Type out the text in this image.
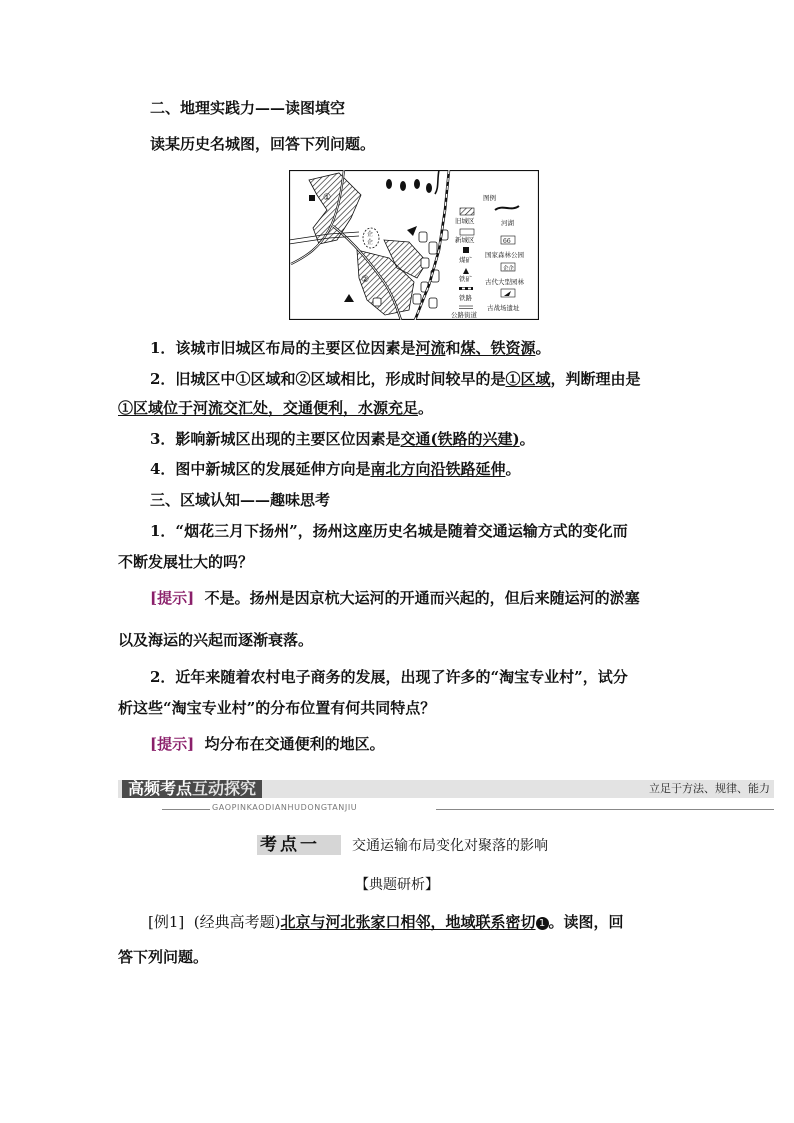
二、地理实践力——读图填空
读某历史名城图，回答下列问题。
企
企
①
②
图例
旧城区	河湖
新城区	66
国家森林公园
煤矿
企企
古代大型园林
铁矿
古战场遗址
铁路
公路街道
1．该城市旧城区布局的主要区位因素是河流和煤、铁资源。
2．旧城区中①区域和②区域相比，形成时间较早的是①区域，判断理由是
①区域位于河流交汇处，交通便利，水源充足。
3．影响新城区出现的主要区位因素是交通(铁路的兴建)。
4．图中新城区的发展延伸方向是南北方向沿铁路延伸。
三、区域认知——趣味思考
1．“烟花三月下扬州”，扬州这座历史名城是随着交通运输方式的变化而
不断发展壮大的吗？
[提示] 不是。扬州是因京杭大运河的开通而兴起的，但后来随运河的淤塞
以及海运的兴起而逐渐衰落。
2．近年来随着农村电子商务的发展，出现了许多的“淘宝专业村”，试分
析这些“淘宝专业村”的分布位置有何共同特点？
[提示] 均分布在交通便利的地区。
高频考点互动探究	立足于方法、规律、能力
GAOPINKAODIANHUDONGTANJIU
考点一 交通运输布局变化对聚落的影响
【典题研析】
[例1] (经典高考题)北京与河北张家口相邻，地域联系密切 1 。读图，回
答下列问题。
